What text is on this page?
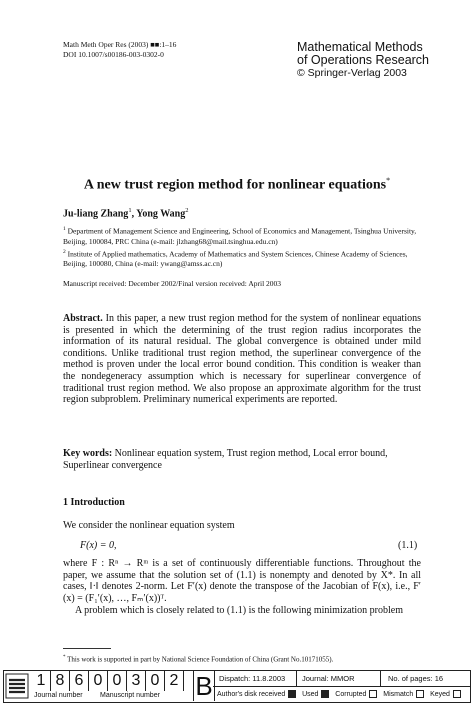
Math Meth Oper Res (2003) ■■:1–16
DOI 10.1007/s00186-003-0302-0	Mathematical Methods
of Operations Research
© Springer-Verlag 2003
A new trust region method for nonlinear equations*
Ju-liang Zhang$^1$, Yong Wang$^2$
$^1$ Department of Management Science and Engineering, School of Economics and Management, Tsinghua University, Beijing, 100084, PRC China (e-mail: jlzhang68@mail.tsinghua.edu.cn)
$^2$ Institute of Applied mathematics, Academy of Mathematics and System Sciences, Chinese Academy of Sciences, Beijing, 100080, China (e-mail: ywang@amss.ac.cn)
Manuscript received: December 2002/Final version received: April 2003
Abstract. In this paper, a new trust region method for the system of nonlinear equations is presented in which the determining of the trust region radius incorporates the information of its natural residual. The global convergence is obtained under mild conditions. Unlike traditional trust region method, the superlinear convergence of the method is proven under the local error bound condition. This condition is weaker than the nondegeneracy assumption which is necessary for superlinear convergence of traditional trust region method. We also propose an approximate algorithm for the trust region subproblem. Preliminary numerical experiments are reported.
Key words: Nonlinear equation system, Trust region method, Local error bound, Superlinear convergence
1 Introduction
We consider the nonlinear equation system
F(x) = 0,	(1.1)
where F : Rⁿ → Rᵐ is a set of continuously differentiable functions. Throughout the paper, we assume that the solution set of (1.1) is nonempty and denoted by X*. In all cases, ‖·‖ denotes 2-norm. Let F′(x) denote the transpose of the Jacobian of F(x), i.e., F′(x) = (F₁′(x), …, Fₘ′(x))ᵀ.
A problem which is closely related to (1.1) is the following minimization problem
* This work is supported in part by National Science Foundation of China (Grant No.10171055).
1 8 6 0 0 3 0 2
Journal number Manuscript number B Dispatch: 11.8.2003 Journal: MMOR	No. of pages: 16
Author's disk received Used Corrupted Mismatch Keyed
